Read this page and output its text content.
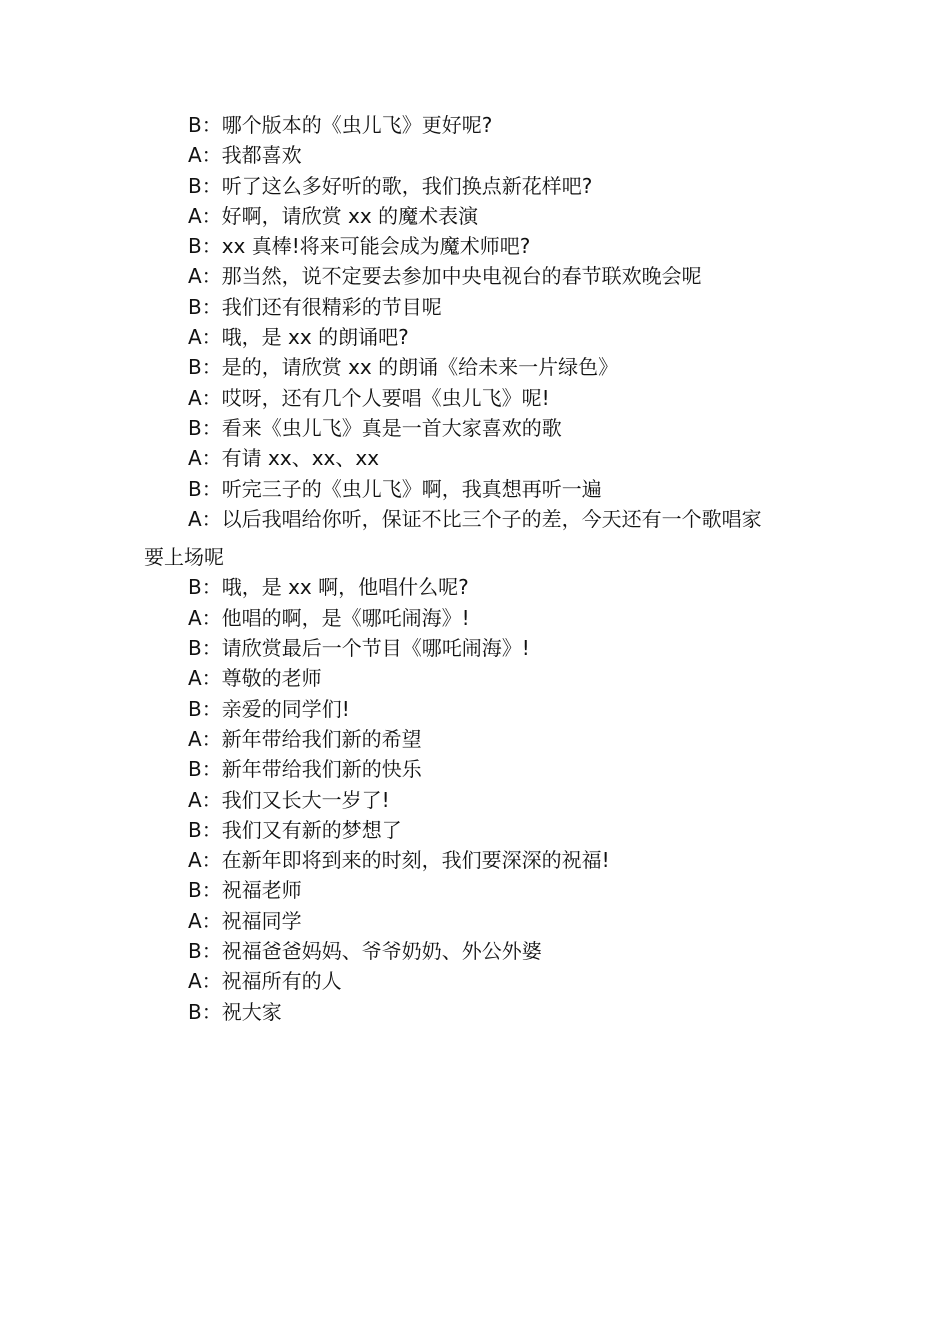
B：哪个版本的《虫儿飞》更好呢?
A：我都喜欢
B：听了这么多好听的歌，我们换点新花样吧?
A：好啊，请欣赏 xx 的魔术表演
B：xx 真棒!将来可能会成为魔术师吧?
A：那当然，说不定要去参加中央电视台的春节联欢晚会呢
B：我们还有很精彩的节目呢
A：哦，是 xx 的朗诵吧?
B：是的，请欣赏 xx 的朗诵《给未来一片绿色》
A：哎呀，还有几个人要唱《虫儿飞》呢!
B：看来《虫儿飞》真是一首大家喜欢的歌
A：有请 xx、xx、xx
B：听完三子的《虫儿飞》啊，我真想再听一遍
A：以后我唱给你听，保证不比三个子的差，今天还有一个歌唱家
要上场呢
B：哦，是 xx 啊，他唱什么呢?
A：他唱的啊，是《哪吒闹海》!
B：请欣赏最后一个节目《哪吒闹海》!
A：尊敬的老师
B：亲爱的同学们!
A：新年带给我们新的希望
B：新年带给我们新的快乐
A：我们又长大一岁了!
B：我们又有新的梦想了
A：在新年即将到来的时刻，我们要深深的祝福!
B：祝福老师
A：祝福同学
B：祝福爸爸妈妈、爷爷奶奶、外公外婆
A：祝福所有的人
B：祝大家
